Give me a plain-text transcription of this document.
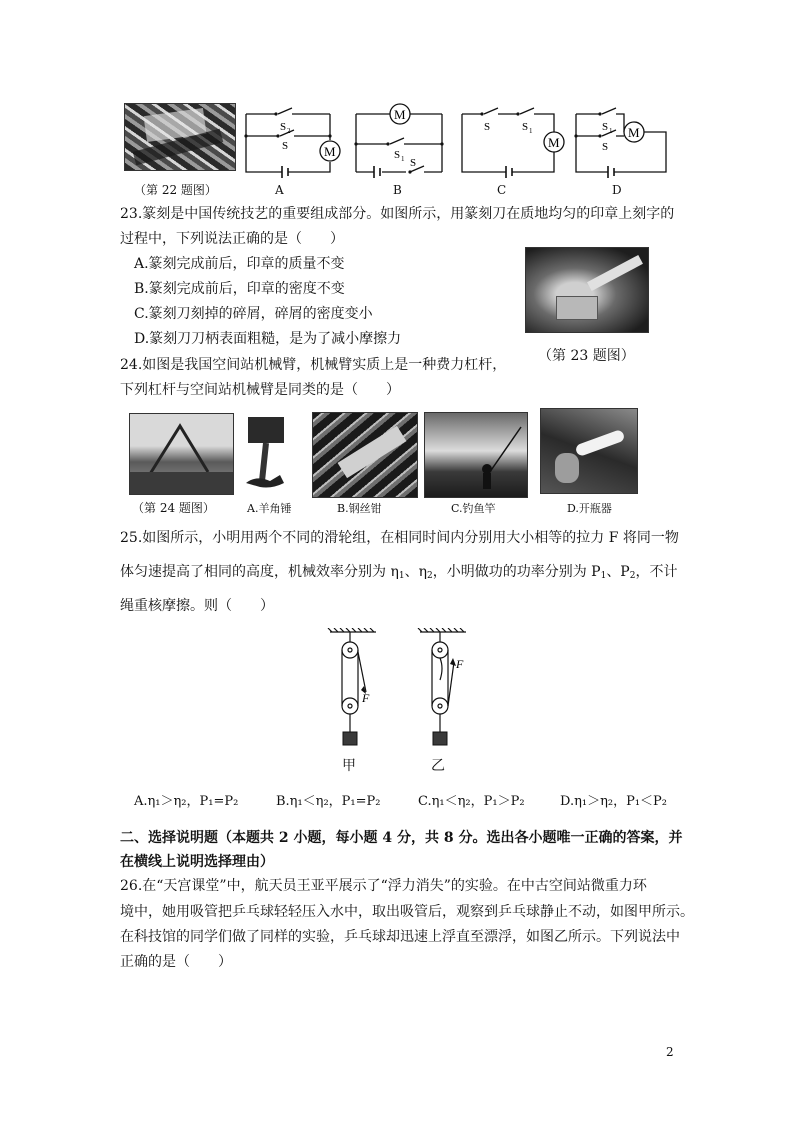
（第 22 题图）
M
S 2
S
A
M
S 1 S
B
M
S	S 1
C
M
S 1
S
D
23.篆刻是中国传统技艺的重要组成部分。如图所示，用篆刻刀在质地均匀的印章上刻字的
过程中，下列说法正确的是（　　）
A.篆刻完成前后，印章的质量不变
B.篆刻完成前后，印章的密度不变
C.篆刻刀刻掉的碎屑，碎屑的密度变小
D.篆刻刀刀柄表面粗糙，是为了减小摩擦力
（第 23 题图）
24.如图是我国空间站机械臂，机械臂实质上是一种费力杠杆，
下列杠杆与空间站机械臂是同类的是（　　）
（第 24 题图）	A.羊角锤	B.钢丝钳	C.钓鱼竿	D.开瓶器
25.如图所示，小明用两个不同的滑轮组，在相同时间内分别用大小相等的拉力 F 将同一物
体匀速提高了相同的高度，机械效率分别为 $\eta_1$、$\eta_2$，小明做功的功率分别为 $P_1$、$P_2$，不计
绳重核摩擦。则（　　）
F
甲
F
乙
A.η₁＞η₂，P₁=P₂	B.η₁＜η₂，P₁=P₂	C.η₁＜η₂，P₁＞P₂	D.η₁＞η₂，P₁＜P₂
二、选择说明题（本题共 2 小题，每小题 4 分，共 8 分。选出各小题唯一正确的答案，并
在横线上说明选择理由）
26.在“天宫课堂”中，航天员王亚平展示了“浮力消失”的实验。在中古空间站微重力环
境中，她用吸管把乒乓球轻轻压入水中，取出吸管后，观察到乒乓球静止不动，如图甲所示。
在科技馆的同学们做了同样的实验，乒乓球却迅速上浮直至漂浮，如图乙所示。下列说法中
正确的是（　　）
2
